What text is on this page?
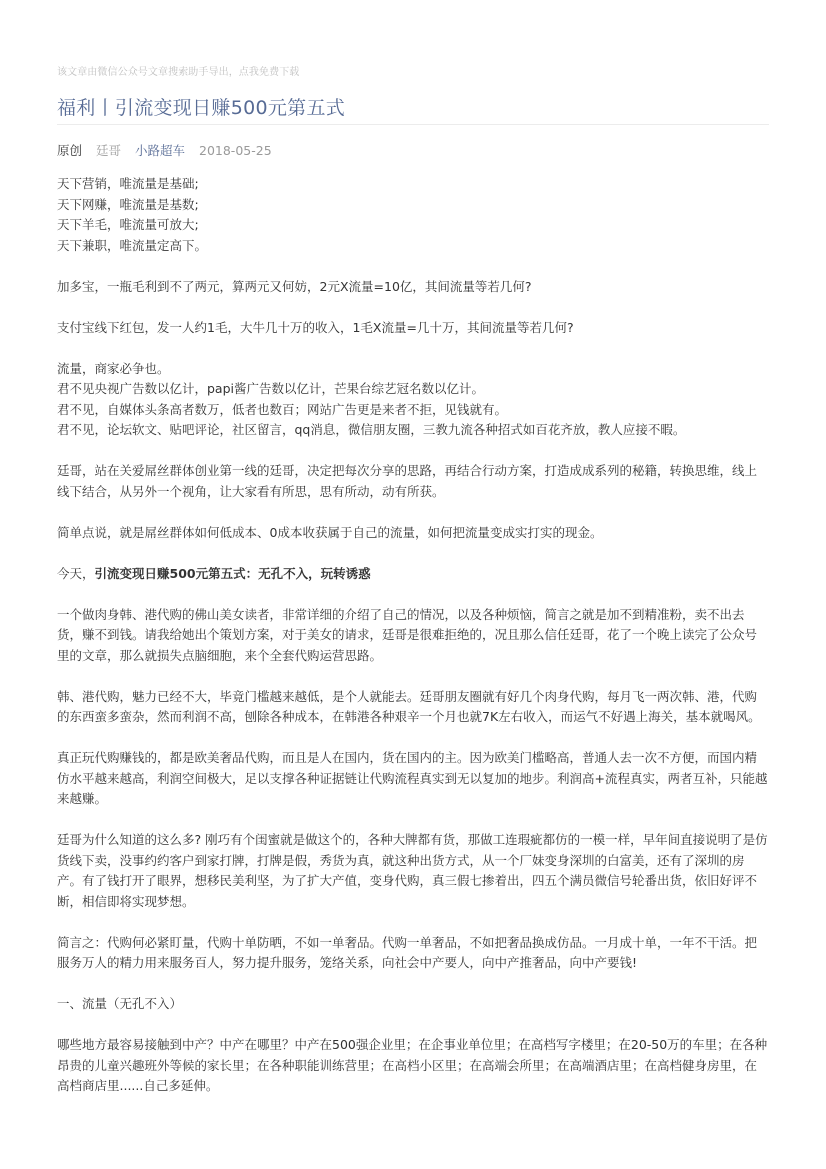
该文章由微信公众号文章搜索助手导出，点我免费下载
福利丨引流变现日赚500元第五式
原创 廷哥 小路超车 2018-05-25

天下营销，唯流量是基础;

天下网赚，唯流量是基数;

天下羊毛，唯流量可放大;

天下兼职，唯流量定高下。

加多宝，一瓶毛利到不了两元，算两元又何妨，2元X流量=10亿，其间流量等若几何?

支付宝线下红包，发一人约1毛，大牛几十万的收入，1毛X流量=几十万，其间流量等若几何?

流量，商家必争也。

君不见央视广告数以亿计，papi酱广告数以亿计，芒果台综艺冠名数以亿计。

君不见，自媒体头条高者数万，低者也数百；网站广告更是来者不拒，见钱就有。

君不见，论坛软文、贴吧评论，社区留言，qq消息，微信朋友圈，三教九流各种招式如百花齐放，教人应接不暇。

廷哥，站在关爱屌丝群体创业第一线的廷哥，决定把每次分享的思路，再结合行动方案，打造成成系列的秘籍，转换思维，线上线下结合，从另外一个视角，让大家看有所思，思有所动，动有所获。

简单点说，就是屌丝群体如何低成本、0成本收获属于自己的流量，如何把流量变成实打实的现金。

今天，引流变现日赚500元第五式：无孔不入，玩转诱惑

一个做肉身韩、港代购的佛山美女读者，非常详细的介绍了自己的情况，以及各种烦恼，简言之就是加不到精准粉，卖不出去货，赚不到钱。请我给她出个策划方案，对于美女的请求，廷哥是很难拒绝的，况且那么信任廷哥，花了一个晚上读完了公众号里的文章，那么就损失点脑细胞，来个全套代购运营思路。

韩、港代购，魅力已经不大，毕竟门槛越来越低，是个人就能去。廷哥朋友圈就有好几个肉身代购，每月飞一两次韩、港，代购的东西蛮多蛮杂，然而利润不高，刨除各种成本，在韩港各种艰辛一个月也就7K左右收入，而运气不好遇上海关，基本就喝风。

真正玩代购赚钱的，都是欧美奢品代购，而且是人在国内，货在国内的主。因为欧美门槛略高，普通人去一次不方便，而国内精仿水平越来越高，利润空间极大，足以支撑各种证据链让代购流程真实到无以复加的地步。利润高+流程真实，两者互补，只能越来越赚。

廷哥为什么知道的这么多? 刚巧有个闺蜜就是做这个的，各种大牌都有货，那做工连瑕疵都仿的一模一样，早年间直接说明了是仿货线下卖，没事约约客户到家打牌，打牌是假，秀货为真，就这种出货方式，从一个厂妹变身深圳的白富美，还有了深圳的房产。有了钱打开了眼界，想移民美利坚，为了扩大产值，变身代购，真三假七掺着出，四五个满员微信号轮番出货，依旧好评不断，相信即将实现梦想。

简言之：代购何必紧盯量，代购十单防晒，不如一单奢品。代购一单奢品，不如把奢品换成仿品。一月成十单，一年不干活。把服务万人的精力用来服务百人，努力提升服务，笼络关系，向社会中产要人，向中产推奢品，向中产要钱!

一、流量（无孔不入）

哪些地方最容易接触到中产？中产在哪里？中产在500强企业里；在企事业单位里；在高档写字楼里；在20-50万的车里；在各种昂贵的儿童兴趣班外等候的家长里；在各种职能训练营里；在高档小区里；在高端会所里；在高端酒店里；在高档健身房里，在高档商店里......自己多延伸。
